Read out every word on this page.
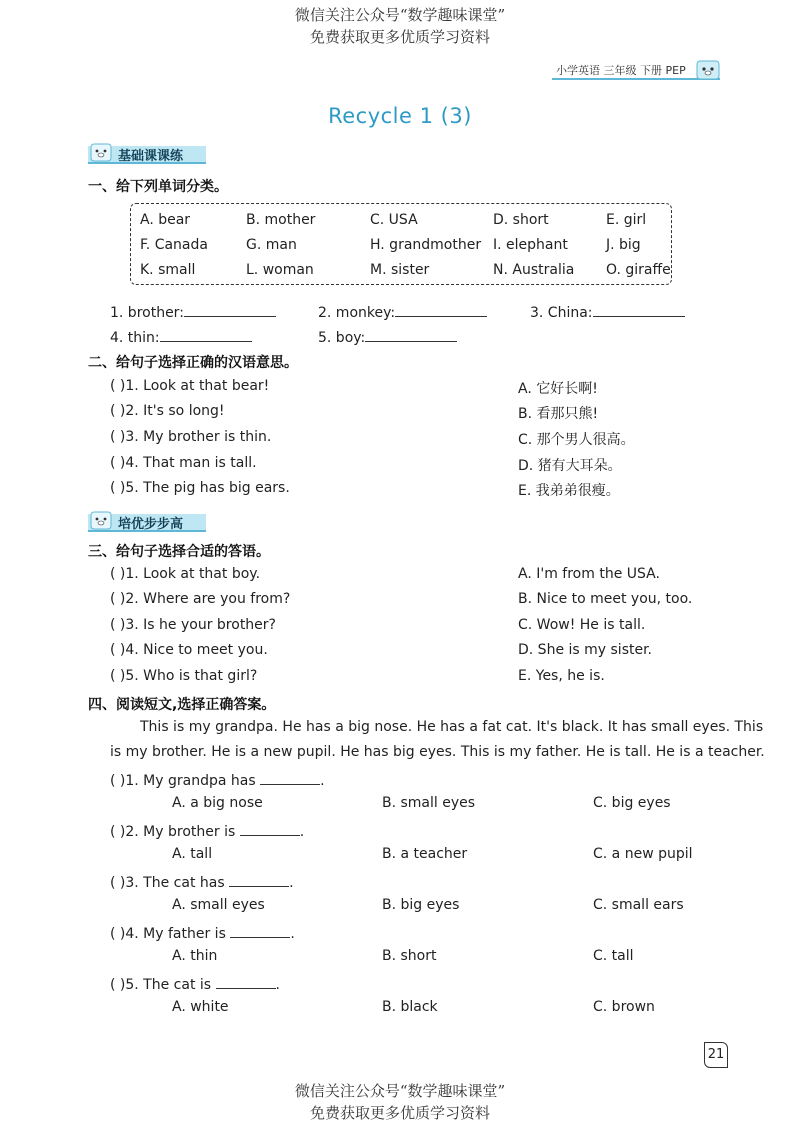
微信关注公众号“数学趣味课堂”
免费获取更多优质学习资料
小学英语 三年级 下册 PEP
Recycle 1 (3)
基础课课练
一、给下列单词分类。
A. bear	B. mother	C. USA	D. short	E. girl
F. Canada	G. man	H. grandmother I. elephant	J. big
K. small	L. woman	M. sister	N. Australia O. giraffe
1. brother:	2. monkey:	3. China:
4. thin:	5. boy:
二、给句子选择正确的汉语意思。
( )1. Look at that bear!
( )2. It's so long!
( )3. My brother is thin.
( )4. That man is tall.
( )5. The pig has big ears.
A. 它好长啊!
B. 看那只熊!
C. 那个男人很高。
D. 猪有大耳朵。
E. 我弟弟很瘦。
培优步步高
三、给句子选择合适的答语。
( )1. Look at that boy.
( )2. Where are you from?
( )3. Is he your brother?
( )4. Nice to meet you.
( )5. Who is that girl?
A. I'm from the USA.
B. Nice to meet you, too.
C. Wow! He is tall.
D. She is my sister.
E. Yes, he is.
四、阅读短文,选择正确答案。
This is my grandpa. He has a big nose. He has a fat cat. It's black. It has small eyes. This
is my brother. He is a new pupil. He has big eyes. This is my father. He is tall. He is a teacher.
( )1. My grandpa has	.
A. a big nose	B. small eyes	C. big eyes
( )2. My brother is	.
A. tall	B. a teacher	C. a new pupil
( )3. The cat has	.
A. small eyes	B. big eyes	C. small ears
( )4. My father is	.
A. thin	B. short	C. tall
( )5. The cat is	.
A. white	B. black	C. brown
21
微信关注公众号“数学趣味课堂”
免费获取更多优质学习资料
